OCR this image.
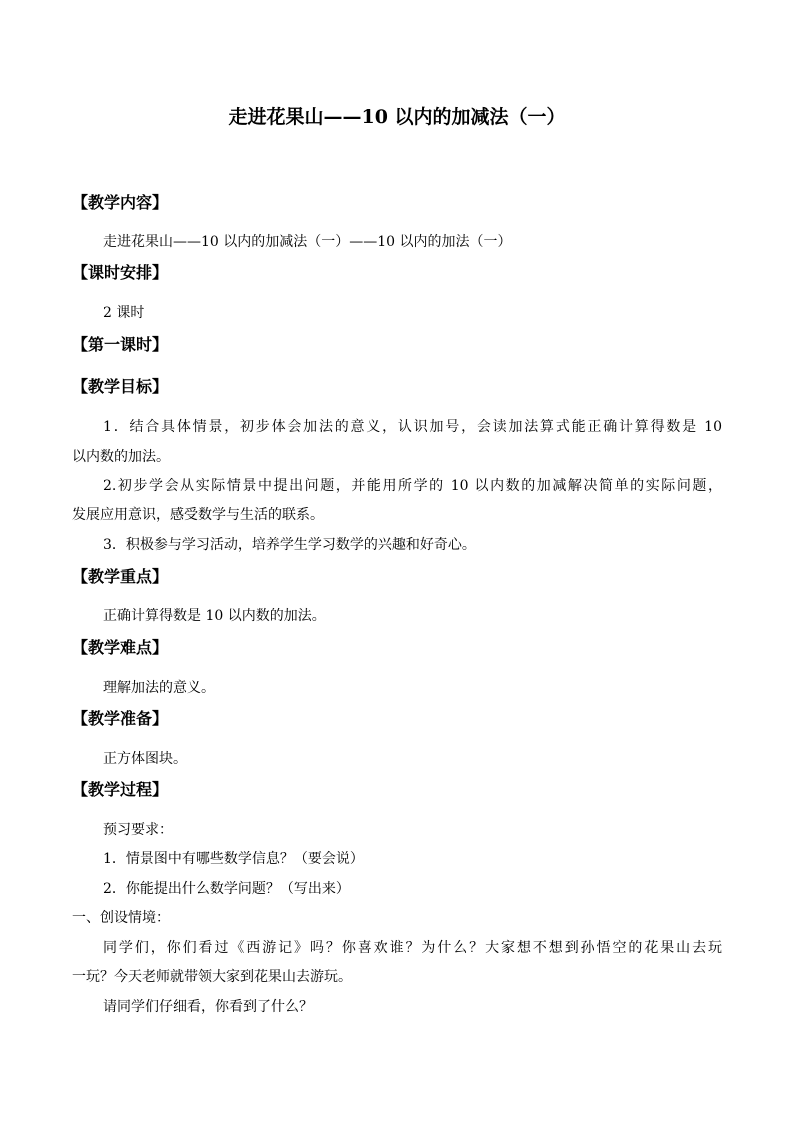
走进花果山——10 以内的加减法（一）
【教学内容】
走进花果山——10 以内的加减法（一）——10 以内的加法（一）
【课时安排】
2 课时
【第一课时】
【教学目标】
1．结合具体情景，初步体会加法的意义，认识加号，会读加法算式能正确计算得数是 10
以内数的加法。
2.初步学会从实际情景中提出问题，并能用所学的 10 以内数的加减解决简单的实际问题，
发展应用意识，感受数学与生活的联系。
3．积极参与学习活动，培养学生学习数学的兴趣和好奇心。
【教学重点】
正确计算得数是 10 以内数的加法。
【教学难点】
理解加法的意义。
【教学准备】
正方体图块。
【教学过程】
预习要求：
1．情景图中有哪些数学信息？（要会说）
2．你能提出什么数学问题？（写出来）
一、创设情境：
同学们，你们看过《西游记》吗？你喜欢谁？为什么？大家想不想到孙悟空的花果山去玩
一玩？今天老师就带领大家到花果山去游玩。
请同学们仔细看，你看到了什么？
